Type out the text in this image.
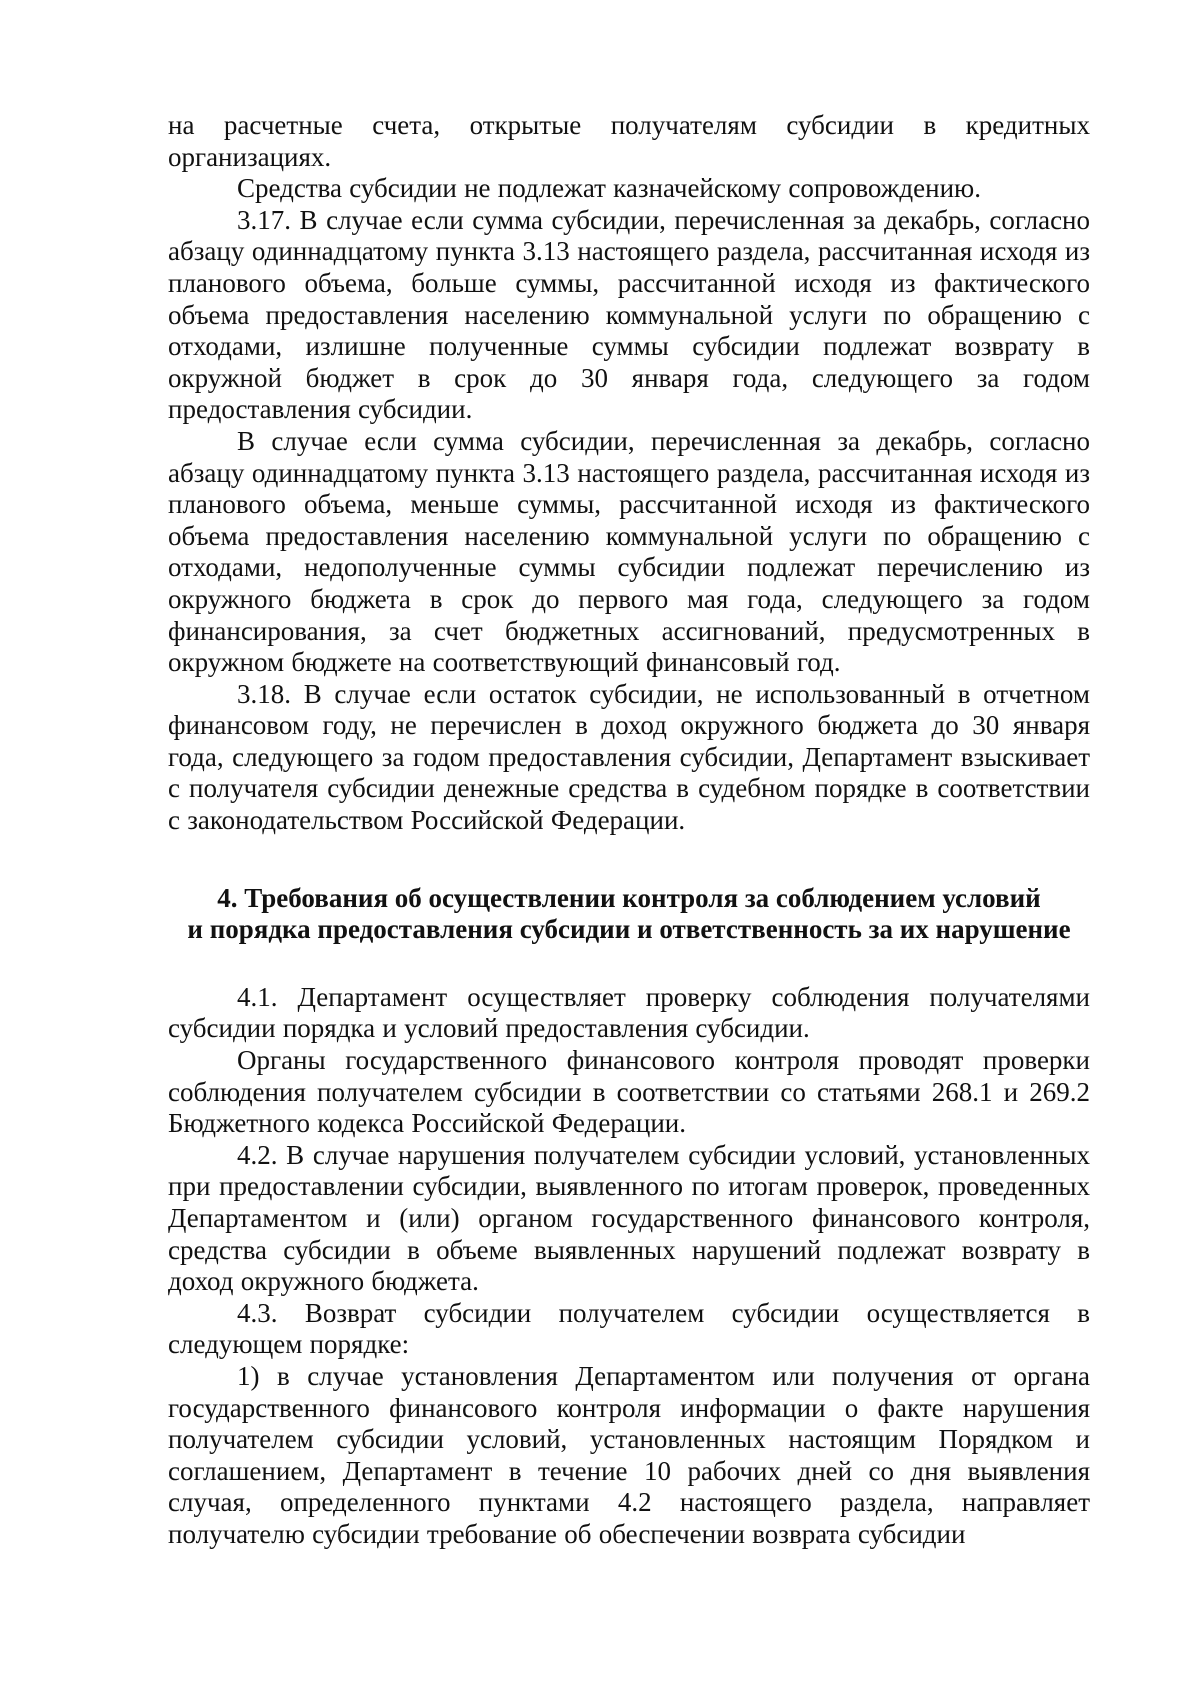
на расчетные счета, открытые получателям субсидии в кредитных организациях.

Средства субсидии не подлежат казначейскому сопровождению.

3.17. В случае если сумма субсидии, перечисленная за декабрь, согласно абзацу одиннадцатому пункта 3.13 настоящего раздела, рассчитанная исходя из планового объема, больше суммы, рассчитанной исходя из фактического объема предоставления населению коммунальной услуги по обращению с отходами, излишне полученные суммы субсидии подлежат возврату в окружной бюджет в срок до 30 января года, следующего за годом предоставления субсидии.

В случае если сумма субсидии, перечисленная за декабрь, согласно абзацу одиннадцатому пункта 3.13 настоящего раздела, рассчитанная исходя из планового объема, меньше суммы, рассчитанной исходя из фактического объема предоставления населению коммунальной услуги по обращению с отходами, недополученные суммы субсидии подлежат перечислению из окружного бюджета в срок до первого мая года, следующего за годом финансирования, за счет бюджетных ассигнований, предусмотренных в окружном бюджете на соответствующий финансовый год.

3.18. В случае если остаток субсидии, не использованный в отчетном финансовом году, не перечислен в доход окружного бюджета до 30 января года, следующего за годом предоставления субсидии, Департамент взыскивает с получателя субсидии денежные средства в судебном порядке в соответствии с законодательством Российской Федерации.

4. Требования об осуществлении контроля за соблюдением условий
и порядка предоставления субсидии и ответственность за их нарушение

4.1. Департамент осуществляет проверку соблюдения получателями субсидии порядка и условий предоставления субсидии.

Органы государственного финансового контроля проводят проверки соблюдения получателем субсидии в соответствии со статьями 268.1 и 269.2 Бюджетного кодекса Российской Федерации.

4.2. В случае нарушения получателем субсидии условий, установленных при предоставлении субсидии, выявленного по итогам проверок, проведенных Департаментом и (или) органом государственного финансового контроля, средства субсидии в объеме выявленных нарушений подлежат возврату в доход окружного бюджета.

4.3. Возврат субсидии получателем субсидии осуществляется в следующем порядке:

1) в случае установления Департаментом или получения от органа государственного финансового контроля информации о факте нарушения получателем субсидии условий, установленных настоящим Порядком и соглашением, Департамент в течение 10 рабочих дней со дня выявления случая, определенного пунктами 4.2 настоящего раздела, направляет получателю субсидии требование об обеспечении возврата субсидии
